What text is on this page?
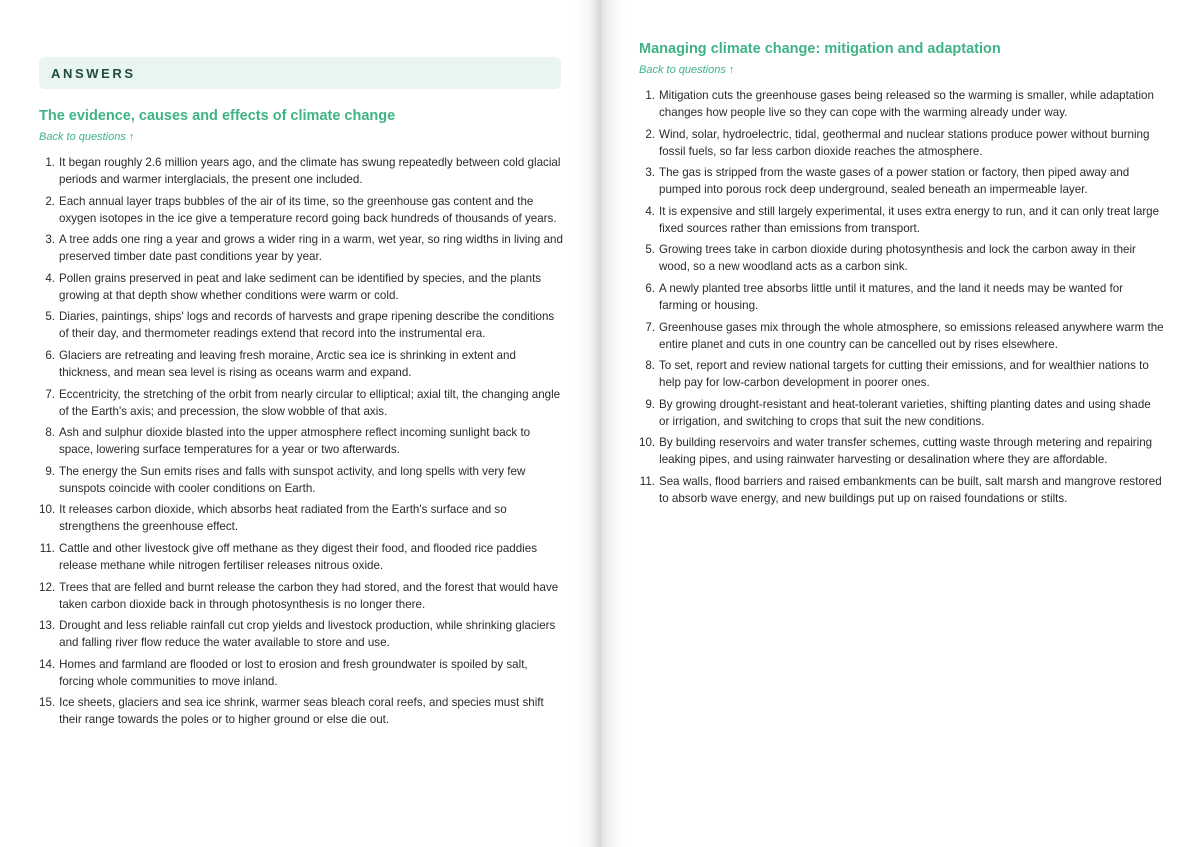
ANSWERS
The evidence, causes and effects of climate change
Back to questions ↑
1. It began roughly 2.6 million years ago, and the climate has swung repeatedly between cold glacial periods and warmer interglacials, the present one included.
2. Each annual layer traps bubbles of the air of its time, so the greenhouse gas content and the oxygen isotopes in the ice give a temperature record going back hundreds of thousands of years.
3. A tree adds one ring a year and grows a wider ring in a warm, wet year, so ring widths in living and preserved timber date past conditions year by year.
4. Pollen grains preserved in peat and lake sediment can be identified by species, and the plants growing at that depth show whether conditions were warm or cold.
5. Diaries, paintings, ships' logs and records of harvests and grape ripening describe the conditions of their day, and thermometer readings extend that record into the instrumental era.
6. Glaciers are retreating and leaving fresh moraine, Arctic sea ice is shrinking in extent and thickness, and mean sea level is rising as oceans warm and expand.
7. Eccentricity, the stretching of the orbit from nearly circular to elliptical; axial tilt, the changing angle of the Earth's axis; and precession, the slow wobble of that axis.
8. Ash and sulphur dioxide blasted into the upper atmosphere reflect incoming sunlight back to space, lowering surface temperatures for a year or two afterwards.
9. The energy the Sun emits rises and falls with sunspot activity, and long spells with very few sunspots coincide with cooler conditions on Earth.
10. It releases carbon dioxide, which absorbs heat radiated from the Earth's surface and so strengthens the greenhouse effect.
11. Cattle and other livestock give off methane as they digest their food, and flooded rice paddies release methane while nitrogen fertiliser releases nitrous oxide.
12. Trees that are felled and burnt release the carbon they had stored, and the forest that would have taken carbon dioxide back in through photosynthesis is no longer there.
13. Drought and less reliable rainfall cut crop yields and livestock production, while shrinking glaciers and falling river flow reduce the water available to store and use.
14. Homes and farmland are flooded or lost to erosion and fresh groundwater is spoiled by salt, forcing whole communities to move inland.
15. Ice sheets, glaciers and sea ice shrink, warmer seas bleach coral reefs, and species must shift their range towards the poles or to higher ground or else die out.
Managing climate change: mitigation and adaptation
Back to questions ↑
1. Mitigation cuts the greenhouse gases being released so the warming is smaller, while adaptation changes how people live so they can cope with the warming already under way.
2. Wind, solar, hydroelectric, tidal, geothermal and nuclear stations produce power without burning fossil fuels, so far less carbon dioxide reaches the atmosphere.
3. The gas is stripped from the waste gases of a power station or factory, then piped away and pumped into porous rock deep underground, sealed beneath an impermeable layer.
4. It is expensive and still largely experimental, it uses extra energy to run, and it can only treat large fixed sources rather than emissions from transport.
5. Growing trees take in carbon dioxide during photosynthesis and lock the carbon away in their wood, so a new woodland acts as a carbon sink.
6. A newly planted tree absorbs little until it matures, and the land it needs may be wanted for farming or housing.
7. Greenhouse gases mix through the whole atmosphere, so emissions released anywhere warm the entire planet and cuts in one country can be cancelled out by rises elsewhere.
8. To set, report and review national targets for cutting their emissions, and for wealthier nations to help pay for low-carbon development in poorer ones.
9. By growing drought-resistant and heat-tolerant varieties, shifting planting dates and using shade or irrigation, and switching to crops that suit the new conditions.
10. By building reservoirs and water transfer schemes, cutting waste through metering and repairing leaking pipes, and using rainwater harvesting or desalination where they are affordable.
11. Sea walls, flood barriers and raised embankments can be built, salt marsh and mangrove restored to absorb wave energy, and new buildings put up on raised foundations or stilts.
